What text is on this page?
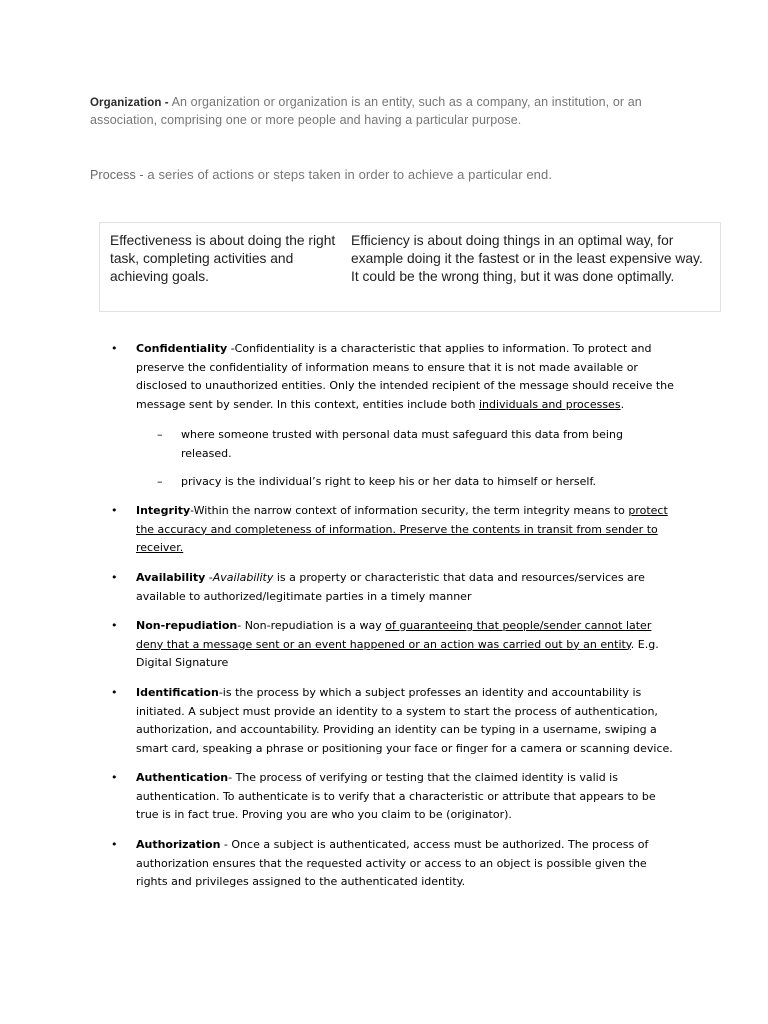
Organization - An organization or organization is an entity, such as a company, an institution, or an association, comprising one or more people and having a particular purpose.
Process - a series of actions or steps taken in order to achieve a particular end.
Effectiveness is about doing the right task, completing activities and achieving goals.
Efficiency is about doing things in an optimal way, for example doing it the fastest or in the least expensive way. It could be the wrong thing, but it was done optimally.
• Confidentiality -Confidentiality is a characteristic that applies to information. To protect and preserve the confidentiality of information means to ensure that it is not made available or disclosed to unauthorized entities. Only the intended recipient of the message should receive the message sent by sender. In this context, entities include both individuals and processes.
– where someone trusted with personal data must safeguard this data from being released.
– privacy is the individual’s right to keep his or her data to himself or herself.
• Integrity-Within the narrow context of information security, the term integrity means to protect the accuracy and completeness of information. Preserve the contents in transit from sender to receiver.
• Availability -Availability is a property or characteristic that data and resources/services are available to authorized/legitimate parties in a timely manner
• Non-repudiation- Non-repudiation is a way of guaranteeing that people/sender cannot later deny that a message sent or an event happened or an action was carried out by an entity. E.g. Digital Signature
• Identification-is the process by which a subject professes an identity and accountability is initiated. A subject must provide an identity to a system to start the process of authentication, authorization, and accountability. Providing an identity can be typing in a username, swiping a smart card, speaking a phrase or positioning your face or finger for a camera or scanning device.
• Authentication- The process of verifying or testing that the claimed identity is valid is authentication. To authenticate is to verify that a characteristic or attribute that appears to be true is in fact true. Proving you are who you claim to be (originator).
• Authorization - Once a subject is authenticated, access must be authorized. The process of authorization ensures that the requested activity or access to an object is possible given the rights and privileges assigned to the authenticated identity.
